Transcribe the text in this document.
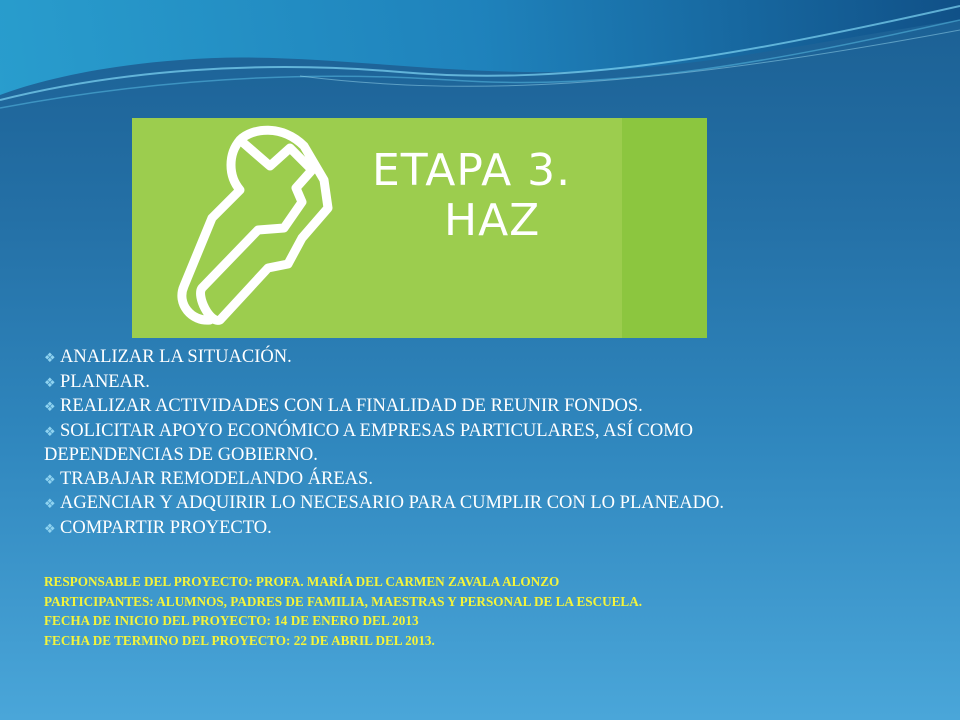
ETAPA 3.
HAZ
❖ ANALIZAR LA SITUACIÓN.
❖ PLANEAR.
❖ REALIZAR ACTIVIDADES CON LA FINALIDAD DE REUNIR FONDOS.
❖ SOLICITAR APOYO ECONÓMICO A EMPRESAS PARTICULARES, ASÍ COMO DEPENDENCIAS DE GOBIERNO.
❖ TRABAJAR REMODELANDO ÁREAS.
❖ AGENCIAR Y ADQUIRIR LO NECESARIO PARA CUMPLIR CON LO PLANEADO.
❖ COMPARTIR PROYECTO.
RESPONSABLE DEL PROYECTO: PROFA. MARÍA DEL CARMEN ZAVALA ALONZO
PARTICIPANTES: ALUMNOS, PADRES DE FAMILIA, MAESTRAS Y PERSONAL DE LA ESCUELA.
FECHA DE INICIO DEL PROYECTO: 14 DE ENERO DEL 2013
FECHA DE TERMINO DEL PROYECTO: 22 DE ABRIL DEL 2013.
